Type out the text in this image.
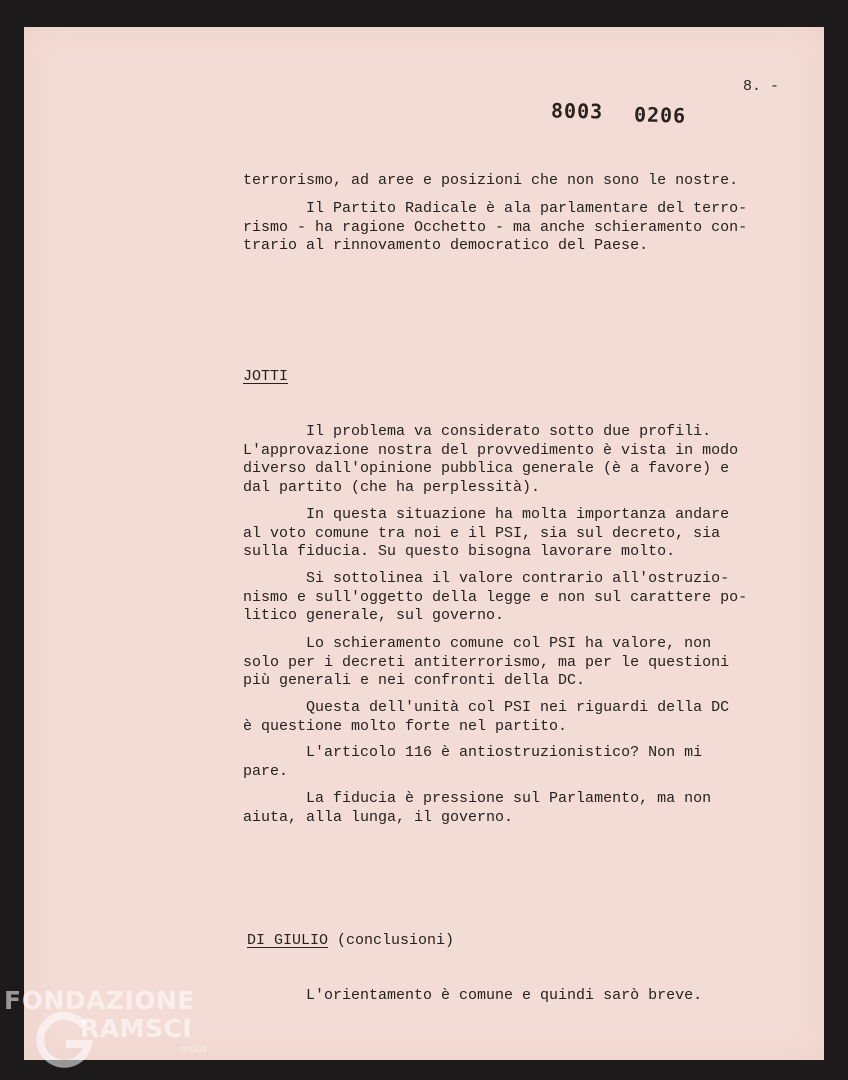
8. -
8003 0206

terrorismo, ad aree e posizioni che non sono le nostre.

Il Partito Radicale è ala parlamentare del terro-
rismo - ha ragione Occhetto - ma anche schieramento con-
trario al rinnovamento democratico del Paese.

JOTTI

Il problema va considerato sotto due profili.
L'approvazione nostra del provvedimento è vista in modo
diverso dall'opinione pubblica generale (è a favore) e
dal partito (che ha perplessità).

In questa situazione ha molta importanza andare
al voto comune tra noi e il PSI, sia sul decreto, sia
sulla fiducia. Su questo bisogna lavorare molto.

Si sottolinea il valore contrario all'ostruzio-
nismo e sull'oggetto della legge e non sul carattere po-
litico generale, sul governo.

Lo schieramento comune col PSI ha valore, non
solo per i decreti antiterrorismo, ma per le questioni
più generali e nei confronti della DC.

Questa dell'unità col PSI nei riguardi della DC
è questione molto forte nel partito.

L'articolo 116 è antiostruzionistico? Non mi
pare.

La fiducia è pressione sul Parlamento, ma non
aiuta, alla lunga, il governo.

DI GIULIO (conclusioni)

L'orientamento è comune e quindi sarò breve.

FONDAZIONE
RAMSCI
onlus
